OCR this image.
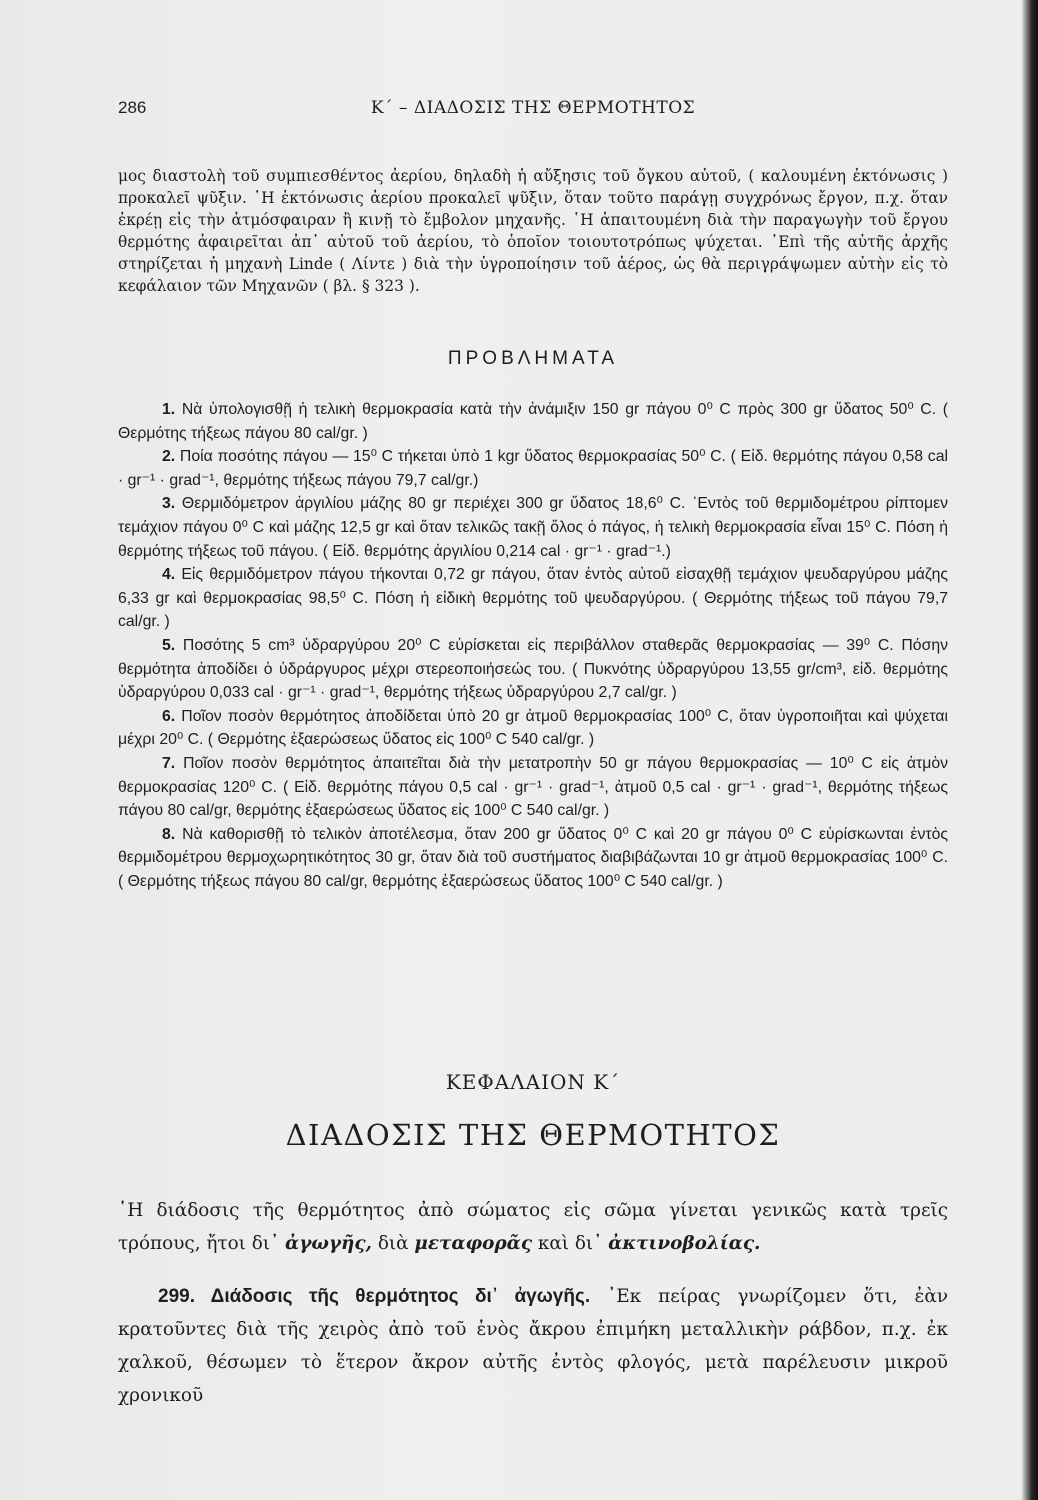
286	K΄ – ΔΙΑΔΟΣΙΣ ΤΗΣ ΘΕΡΜΟΤΗΤΟΣ

μος διαστολὴ τοῦ συμπιεσθέντος ἀερίου, δηλαδὴ ἡ αὔξησις τοῦ ὄγκου αὐτοῦ, ( καλουμένη ἐκτόνωσις ) προκαλεῖ ψῦξιν. ῾Η ἐκτόνωσις ἀερίου προκαλεῖ ψῦξιν, ὅταν τοῦτο παράγῃ συγχρόνως ἔργον, π.χ. ὅταν ἐκρέῃ εἰς τὴν ἀτμόσφαιραν ἢ κινῇ τὸ ἔμβολον μηχανῆς. ῾Η ἀπαιτουμένη διὰ τὴν παραγωγὴν τοῦ ἔργου θερμότης ἀφαιρεῖται ἀπ᾽ αὐτοῦ τοῦ ἀερίου, τὸ ὁποῖον τοιουτοτρόπως ψύχεται. ᾽Επὶ τῆς αὐτῆς ἀρχῆς στηρίζεται ἡ μηχανὴ Linde ( Λίντε ) διὰ τὴν ὑγροποίησιν τοῦ ἀέρος, ὡς θὰ περιγράψωμεν αὐτὴν εἰς τὸ κεφάλαιον τῶν Μηχανῶν ( βλ. § 323 ).

ΠΡΟΒΛΗΜΑΤΑ

1. Νὰ ὑπολογισθῇ ἡ τελικὴ θερμοκρασία κατὰ τὴν ἀνάμιξιν 150 gr πάγου 0⁰ C πρὸς 300 gr ὕδατος 50⁰ C. ( Θερμότης τήξεως πάγου 80 cal/gr. )

2. Ποία ποσότης πάγου — 15⁰ C τήκεται ὑπὸ 1 kgr ὕδατος θερμοκρασίας 50⁰ C. ( Εἰδ. θερμότης πάγου 0,58 cal · gr⁻¹ · grad⁻¹, θερμότης τήξεως πάγου 79,7 cal/gr.)

3. Θερμιδόμετρον ἀργιλίου μάζης 80 gr περιέχει 300 gr ὕδατος 18,6⁰ C. ᾽Εντὸς τοῦ θερμιδομέτρου ρίπτομεν τεμάχιον πάγου 0⁰ C καὶ μάζης 12,5 gr καὶ ὅταν τελικῶς τακῇ ὅλος ὁ πάγος, ἡ τελικὴ θερμοκρασία εἶναι 15⁰ C. Πόση ἡ θερμότης τήξεως τοῦ πάγου. ( Εἰδ. θερμότης ἀργιλίου 0,214 cal · gr⁻¹ · grad⁻¹.)

4. Εἰς θερμιδόμετρον πάγου τήκονται 0,72 gr πάγου, ὅταν ἐντὸς αὐτοῦ εἰσαχθῇ τεμάχιον ψευδαργύρου μάζης 6,33 gr καὶ θερμοκρασίας 98,5⁰ C. Πόση ἡ εἰδικὴ θερμότης τοῦ ψευδαργύρου. ( Θερμότης τήξεως τοῦ πάγου 79,7 cal/gr. )

5. Ποσότης 5 cm³ ὑδραργύρου 20⁰ C εὑρίσκεται εἰς περιβάλλον σταθερᾶς θερμοκρασίας — 39⁰ C. Πόσην θερμότητα ἀποδίδει ὁ ὑδράργυρος μέχρι στερεοποιήσεώς του. ( Πυκνότης ὑδραργύρου 13,55 gr/cm³, εἰδ. θερμότης ὑδραργύρου 0,033 cal · gr⁻¹ · grad⁻¹, θερμότης τήξεως ὑδραργύρου 2,7 cal/gr. )

6. Ποῖον ποσὸν θερμότητος ἀποδίδεται ὑπὸ 20 gr ἀτμοῦ θερμοκρασίας 100⁰ C, ὅταν ὑγροποιῆται καὶ ψύχεται μέχρι 20⁰ C. ( Θερμότης ἐξαερώσεως ὕδατος εἰς 100⁰ C 540 cal/gr. )

7. Ποῖον ποσὸν θερμότητος ἀπαιτεῖται διὰ τὴν μετατροπὴν 50 gr πάγου θερμοκρασίας — 10⁰ C εἰς ἀτμὸν θερμοκρασίας 120⁰ C. ( Εἰδ. θερμότης πάγου 0,5 cal · gr⁻¹ · grad⁻¹, ἀτμοῦ 0,5 cal · gr⁻¹ · grad⁻¹, θερμότης τήξεως πάγου 80 cal/gr, θερμότης ἐξαερώσεως ὕδατος εἰς 100⁰ C 540 cal/gr. )

8. Νὰ καθορισθῇ τὸ τελικὸν ἀποτέλεσμα, ὅταν 200 gr ὕδατος 0⁰ C καὶ 20 gr πάγου 0⁰ C εὑρίσκωνται ἐντὸς θερμιδομέτρου θερμοχωρητικότητος 30 gr, ὅταν διὰ τοῦ συστήματος διαβιβάζωνται 10 gr ἀτμοῦ θερμοκρασίας 100⁰ C. ( Θερμότης τήξεως πάγου 80 cal/gr, θερμότης ἐξαερώσεως ὕδατος 100⁰ C 540 cal/gr. )

ΚΕΦΑΛΑΙΟΝ Κ΄
ΔΙΑΔΟΣΙΣ ΤΗΣ ΘΕΡΜΟΤΗΤΟΣ

῾Η διάδοσις τῆς θερμότητος ἀπὸ σώματος εἰς σῶμα γίνεται γενικῶς κατὰ τρεῖς τρόπους, ἤτοι δι᾽ ἀγωγῆς, διὰ μεταφορᾶς καὶ δι᾽ ἀκτινοβολίας.

299. Διάδοσις τῆς θερμότητος δι᾽ ἀγωγῆς. ᾽Εκ πείρας γνωρίζομεν ὅτι, ἐὰν κρατοῦντες διὰ τῆς χειρὸς ἀπὸ τοῦ ἑνὸς ἄκρου ἐπιμήκη μεταλλικὴν ράβδον, π.χ. ἐκ χαλκοῦ, θέσωμεν τὸ ἕτερον ἄκρον αὐτῆς ἐντὸς φλογός, μετὰ παρέλευσιν μικροῦ χρονικοῦ
